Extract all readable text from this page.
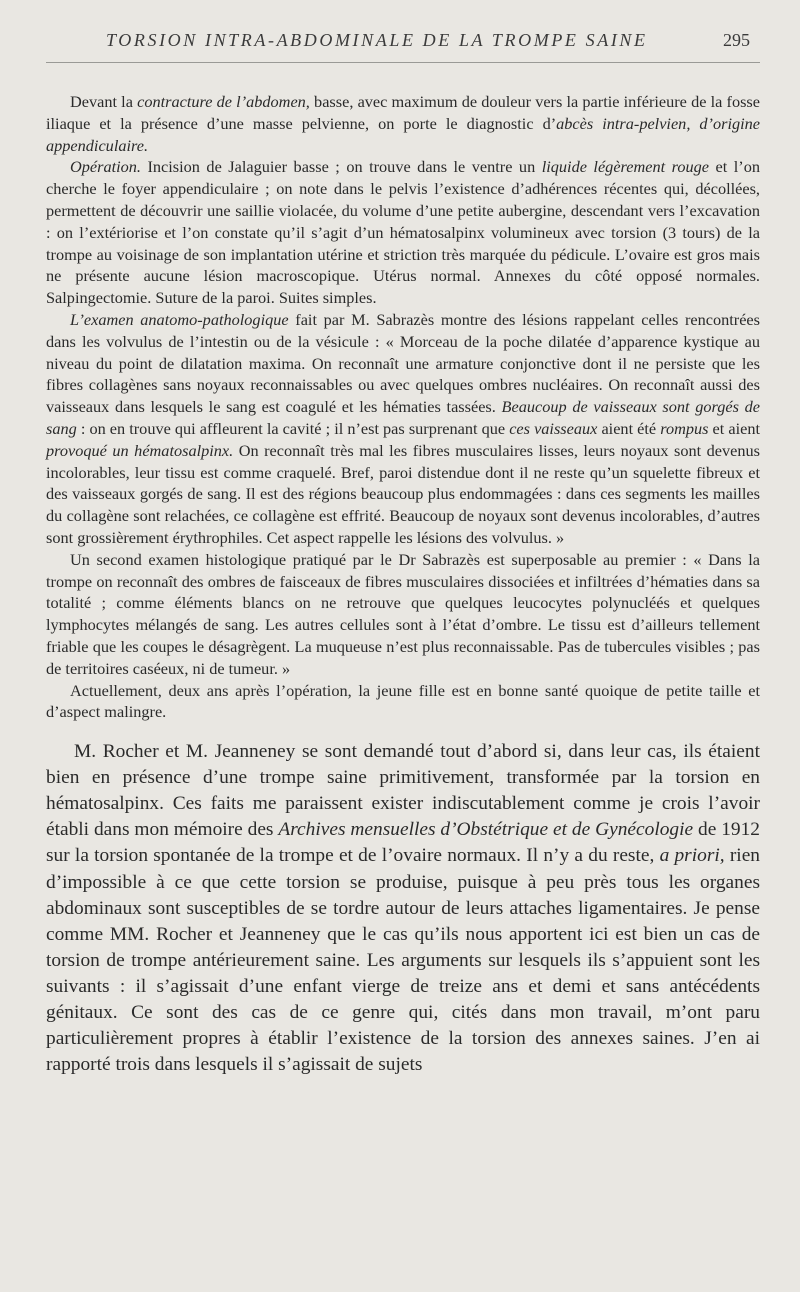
TORSION INTRA-ABDOMINALE DE LA TROMPE SAINE	295

Devant la contracture de l’abdomen, basse, avec maximum de douleur vers la partie inférieure de la fosse iliaque et la présence d’une masse pelvienne, on porte le diagnostic d’abcès intra-pelvien, d’origine appendiculaire.

Opération. Incision de Jalaguier basse ; on trouve dans le ventre un liquide légèrement rouge et l’on cherche le foyer appendiculaire ; on note dans le pelvis l’existence d’adhérences récentes qui, décollées, permettent de découvrir une saillie violacée, du volume d’une petite aubergine, descendant vers l’excavation : on l’extériorise et l’on constate qu’il s’agit d’un hématosalpinx volumineux avec torsion (3 tours) de la trompe au voisinage de son implantation utérine et striction très marquée du pédicule. L’ovaire est gros mais ne présente aucune lésion macroscopique. Utérus normal. Annexes du côté opposé normales. Salpingectomie. Suture de la paroi. Suites simples.

L’examen anatomo-pathologique fait par M. Sabrazès montre des lésions rappelant celles rencontrées dans les volvulus de l’intestin ou de la vésicule : « Morceau de la poche dilatée d’apparence kystique au niveau du point de dilatation maxima. On reconnaît une armature conjonctive dont il ne persiste que les fibres collagènes sans noyaux reconnaissables ou avec quelques ombres nucléaires. On reconnaît aussi des vaisseaux dans lesquels le sang est coagulé et les hématies tassées. Beaucoup de vaisseaux sont gorgés de sang : on en trouve qui affleurent la cavité ; il n’est pas surprenant que ces vaisseaux aient été rompus et aient provoqué un hématosalpinx. On reconnaît très mal les fibres musculaires lisses, leurs noyaux sont devenus incolorables, leur tissu est comme craquelé. Bref, paroi distendue dont il ne reste qu’un squelette fibreux et des vaisseaux gorgés de sang. Il est des régions beaucoup plus endommagées : dans ces segments les mailles du collagène sont relachées, ce collagène est effrité. Beaucoup de noyaux sont devenus incolorables, d’autres sont grossièrement érythrophiles. Cet aspect rappelle les lésions des volvulus. »

Un second examen histologique pratiqué par le Dr Sabrazès est superposable au premier : « Dans la trompe on reconnaît des ombres de faisceaux de fibres musculaires dissociées et infiltrées d’hématies dans sa totalité ; comme éléments blancs on ne retrouve que quelques leucocytes polynucléés et quelques lymphocytes mélangés de sang. Les autres cellules sont à l’état d’ombre. Le tissu est d’ailleurs tellement friable que les coupes le désagrègent. La muqueuse n’est plus reconnaissable. Pas de tubercules visibles ; pas de territoires caséeux, ni de tumeur. »

Actuellement, deux ans après l’opération, la jeune fille est en bonne santé quoique de petite taille et d’aspect malingre.

M. Rocher et M. Jeanneney se sont demandé tout d’abord si, dans leur cas, ils étaient bien en présence d’une trompe saine primitivement, transformée par la torsion en hématosalpinx. Ces faits me paraissent exister indiscutablement comme je crois l’avoir établi dans mon mémoire des Archives mensuelles d’Obstétrique et de Gynécologie de 1912 sur la torsion spontanée de la trompe et de l’ovaire normaux. Il n’y a du reste, a priori, rien d’impossible à ce que cette torsion se produise, puisque à peu près tous les organes abdominaux sont susceptibles de se tordre autour de leurs attaches ligamentaires. Je pense comme MM. Rocher et Jeanneney que le cas qu’ils nous apportent ici est bien un cas de torsion de trompe antérieurement saine. Les arguments sur lesquels ils s’appuient sont les suivants : il s’agissait d’une enfant vierge de treize ans et demi et sans antécédents génitaux. Ce sont des cas de ce genre qui, cités dans mon travail, m’ont paru particulièrement propres à établir l’existence de la torsion des annexes saines. J’en ai rapporté trois dans lesquels il s’agissait de sujets
